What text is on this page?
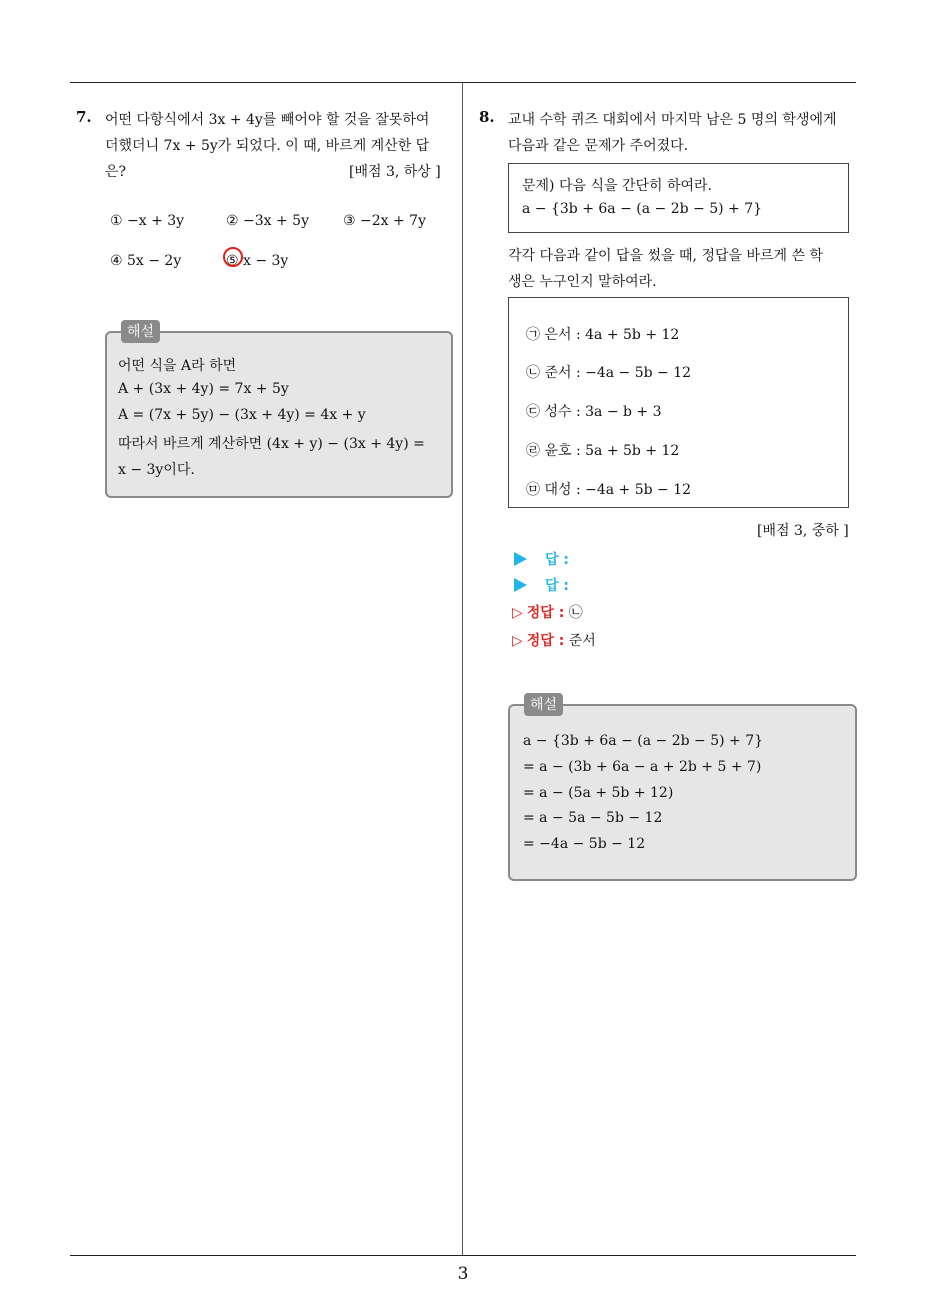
7. 어떤 다항식에서 3x + 4y를 빼어야 할 것을 잘못하여
더했더니 7x + 5y가 되었다. 이 때, 바르게 계산한 답
은?	[배점 3, 하상 ]
① −x + 3y	② −3x + 5y ③ −2x + 7y
④ 5x − 2y	⑤ x − 3y
해설
어떤 식을 A라 하면
A + (3x + 4y) = 7x + 5y
A = (7x + 5y) − (3x + 4y) = 4x + y
따라서 바르게 계산하면 (4x + y) − (3x + 4y) =
x − 3y이다.
8. 교내 수학 퀴즈 대회에서 마지막 남은 5 명의 학생에게
다음과 같은 문제가 주어졌다.
문제) 다음 식을 간단히 하여라.
a − {3b + 6a − (a − 2b − 5) + 7}
각각 다음과 같이 답을 썼을 때, 정답을 바르게 쓴 학
생은 누구인지 말하여라.
㉠ 은서 : 4a + 5b + 12
㉡ 준서 : −4a − 5b − 12
㉢ 성수 : 3a − b + 3
㉣ 윤호 : 5a + 5b + 12
㉤ 대성 : −4a + 5b − 12
[배점 3, 중하 ]
답 :
답 :
▷ 정답 : ㉡
▷ 정답 : 준서
해설
a − {3b + 6a − (a − 2b − 5) + 7}
= a − (3b + 6a − a + 2b + 5 + 7)
= a − (5a + 5b + 12)
= a − 5a − 5b − 12
= −4a − 5b − 12
3
